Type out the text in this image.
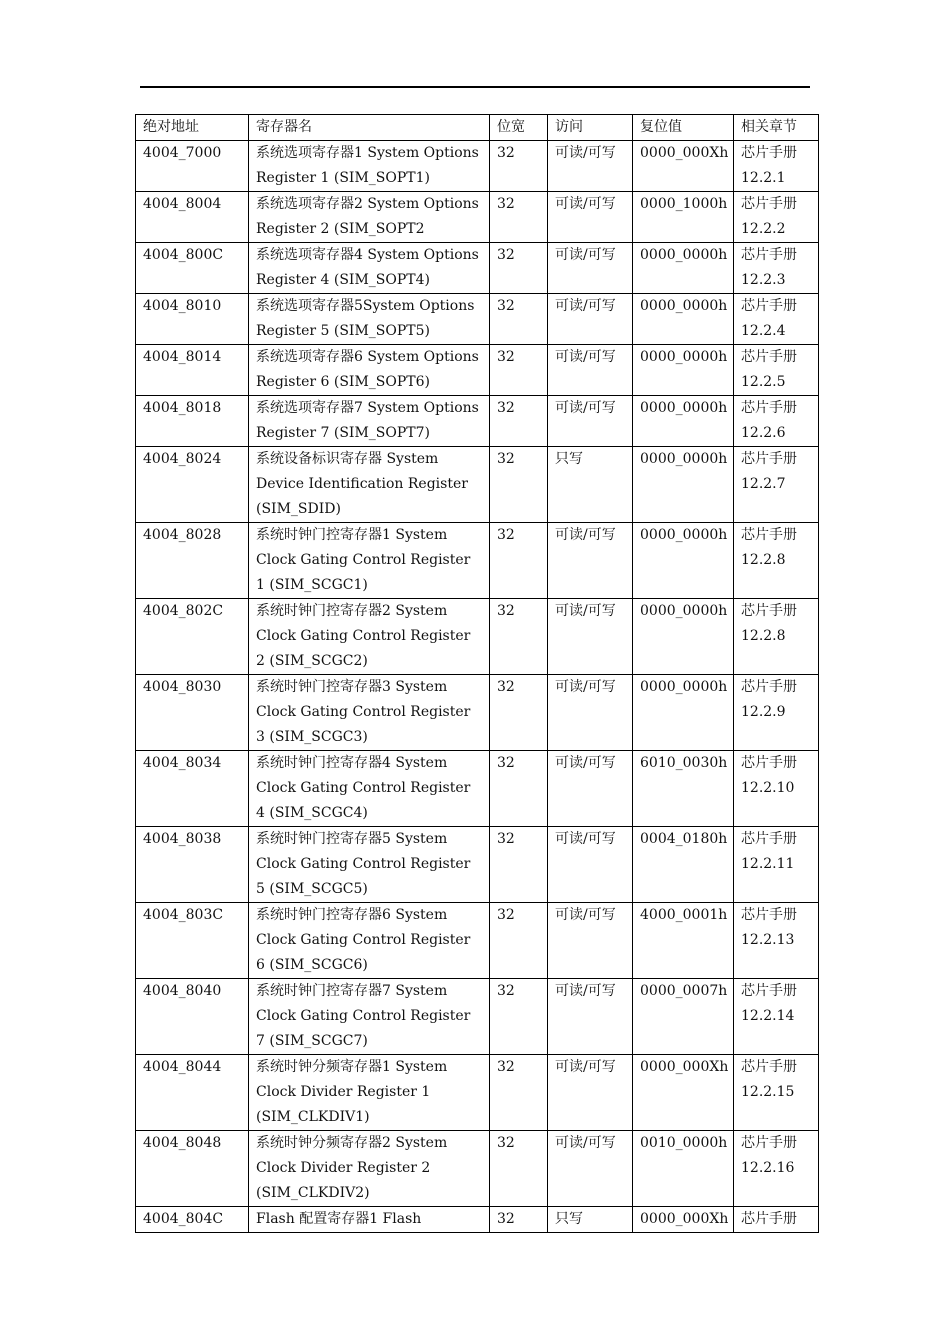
绝对地址	寄存器名	位宽	访问	复位值	相关章节
4004_7000	系统选项寄存器1 System Options Register 1 (SIM_SOPT1)	32	可读/可写	0000_000Xh	芯片手册 12.2.1
4004_8004	系统选项寄存器2 System Options Register 2 (SIM_SOPT2	32	可读/可写	0000_1000h	芯片手册 12.2.2
4004_800C	系统选项寄存器4 System Options Register 4 (SIM_SOPT4)	32	可读/可写	0000_0000h	芯片手册 12.2.3
4004_8010	系统选项寄存器5System Options Register 5 (SIM_SOPT5)	32	可读/可写	0000_0000h	芯片手册 12.2.4
4004_8014	系统选项寄存器6 System Options Register 6 (SIM_SOPT6)	32	可读/可写	0000_0000h	芯片手册 12.2.5
4004_8018	系统选项寄存器7 System Options Register 7 (SIM_SOPT7)	32	可读/可写	0000_0000h	芯片手册 12.2.6
4004_8024	系统设备标识寄存器 System Device Identification Register (SIM_SDID)	32	只写	0000_0000h	芯片手册 12.2.7
4004_8028	系统时钟门控寄存器1 System Clock Gating Control Register 1 (SIM_SCGC1)	32	可读/可写	0000_0000h	芯片手册 12.2.8
4004_802C	系统时钟门控寄存器2 System Clock Gating Control Register 2 (SIM_SCGC2)	32	可读/可写	0000_0000h	芯片手册 12.2.8
4004_8030	系统时钟门控寄存器3 System Clock Gating Control Register 3 (SIM_SCGC3)	32	可读/可写	0000_0000h	芯片手册 12.2.9
4004_8034	系统时钟门控寄存器4 System Clock Gating Control Register 4 (SIM_SCGC4)	32	可读/可写	6010_0030h	芯片手册 12.2.10
4004_8038	系统时钟门控寄存器5 System Clock Gating Control Register 5 (SIM_SCGC5)	32	可读/可写	0004_0180h	芯片手册 12.2.11
4004_803C	系统时钟门控寄存器6 System Clock Gating Control Register 6 (SIM_SCGC6)	32	可读/可写	4000_0001h	芯片手册 12.2.13
4004_8040	系统时钟门控寄存器7 System Clock Gating Control Register 7 (SIM_SCGC7)	32	可读/可写	0000_0007h	芯片手册 12.2.14
4004_8044	系统时钟分频寄存器1 System Clock Divider Register 1 (SIM_CLKDIV1)	32	可读/可写	0000_000Xh	芯片手册 12.2.15
4004_8048	系统时钟分频寄存器2 System Clock Divider Register 2 (SIM_CLKDIV2)	32	可读/可写	0010_0000h	芯片手册 12.2.16
4004_804C	Flash 配置寄存器1 Flash	32	只写	0000_000Xh	芯片手册
